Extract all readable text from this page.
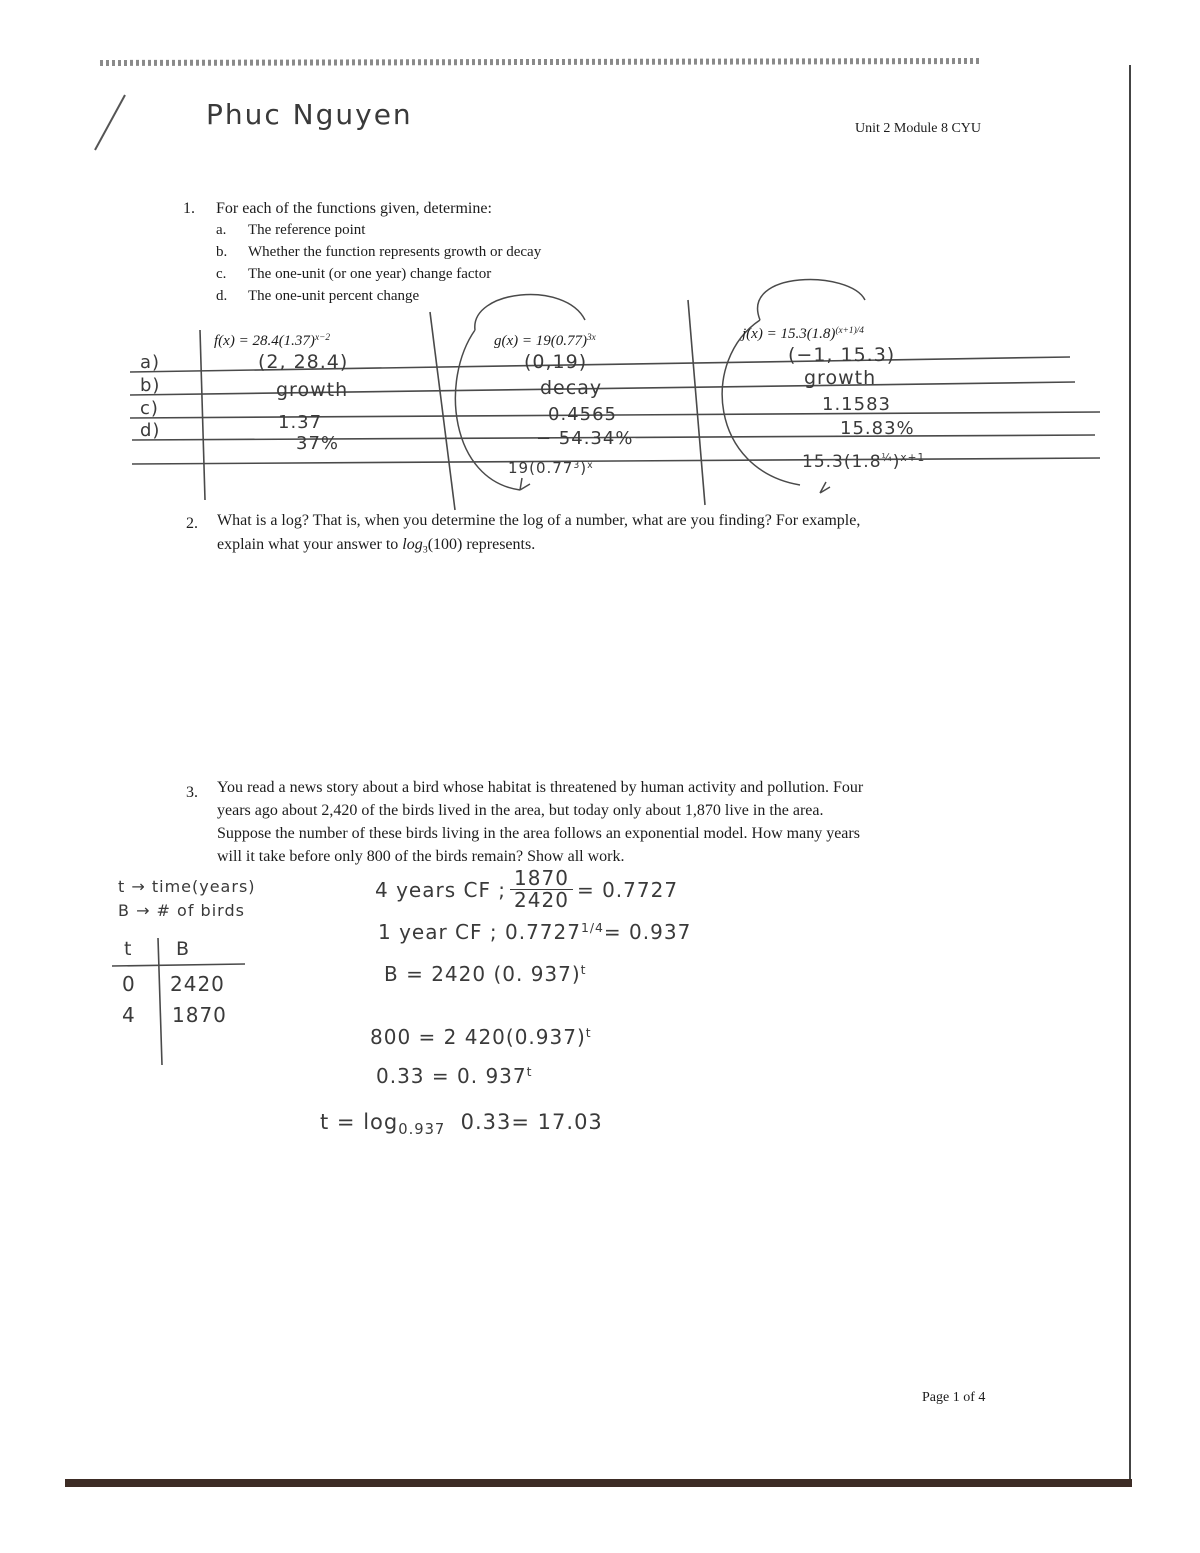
Phuc Nguyen	Unit 2 Module 8 CYU
1. For each of the functions given, determine:
a. The reference point
b. Whether the function represents growth or decay
c. The one-unit (or one year) change factor
d. The one-unit percent change
a)
b)
c)
d)
$f(x) = 28.4(1.37)^{x-2}$
(2, 28.4)
growth
1.37
37%
$g(x) = 19(0.77)^{3x}$
(0,19)
decay
0.4565
− 54.34%
$19(0.77^3)^x$
$j(x) = 15.3(1.8)^{(x+1)/4}$
(−1, 15.3)
growth
1.1583
15.83%
$15.3(1.8^{\frac{1}{4}})^{x+1}$
2. What is a log? That is, when you determine the log of a number, what are you finding? For example,
explain what your answer to $\log_3(100)$ represents.
3. You read a news story about a bird whose habitat is threatened by human activity and pollution. Four
years ago about 2,420 of the birds lived in the area, but today only about 1,870 live in the area.
Suppose the number of these birds living in the area follows an exponential model. How many years
will it take before only 800 of the birds remain? Show all work.
t → time(years)
B → # of birds
t B
0 2420
4 1870
4 years CF ; $\frac{1870}{2420} = 0.7727$
1 year CF ; $0.7727^{1/4}= 0.937$
B = 2420 (0. 937)$^t$
800 = 2 $420(0.937)^t$
0.33 = 0. 937$^t$
$t = \log_{0.937} 0.33= 17.03$
Page 1 of 4
